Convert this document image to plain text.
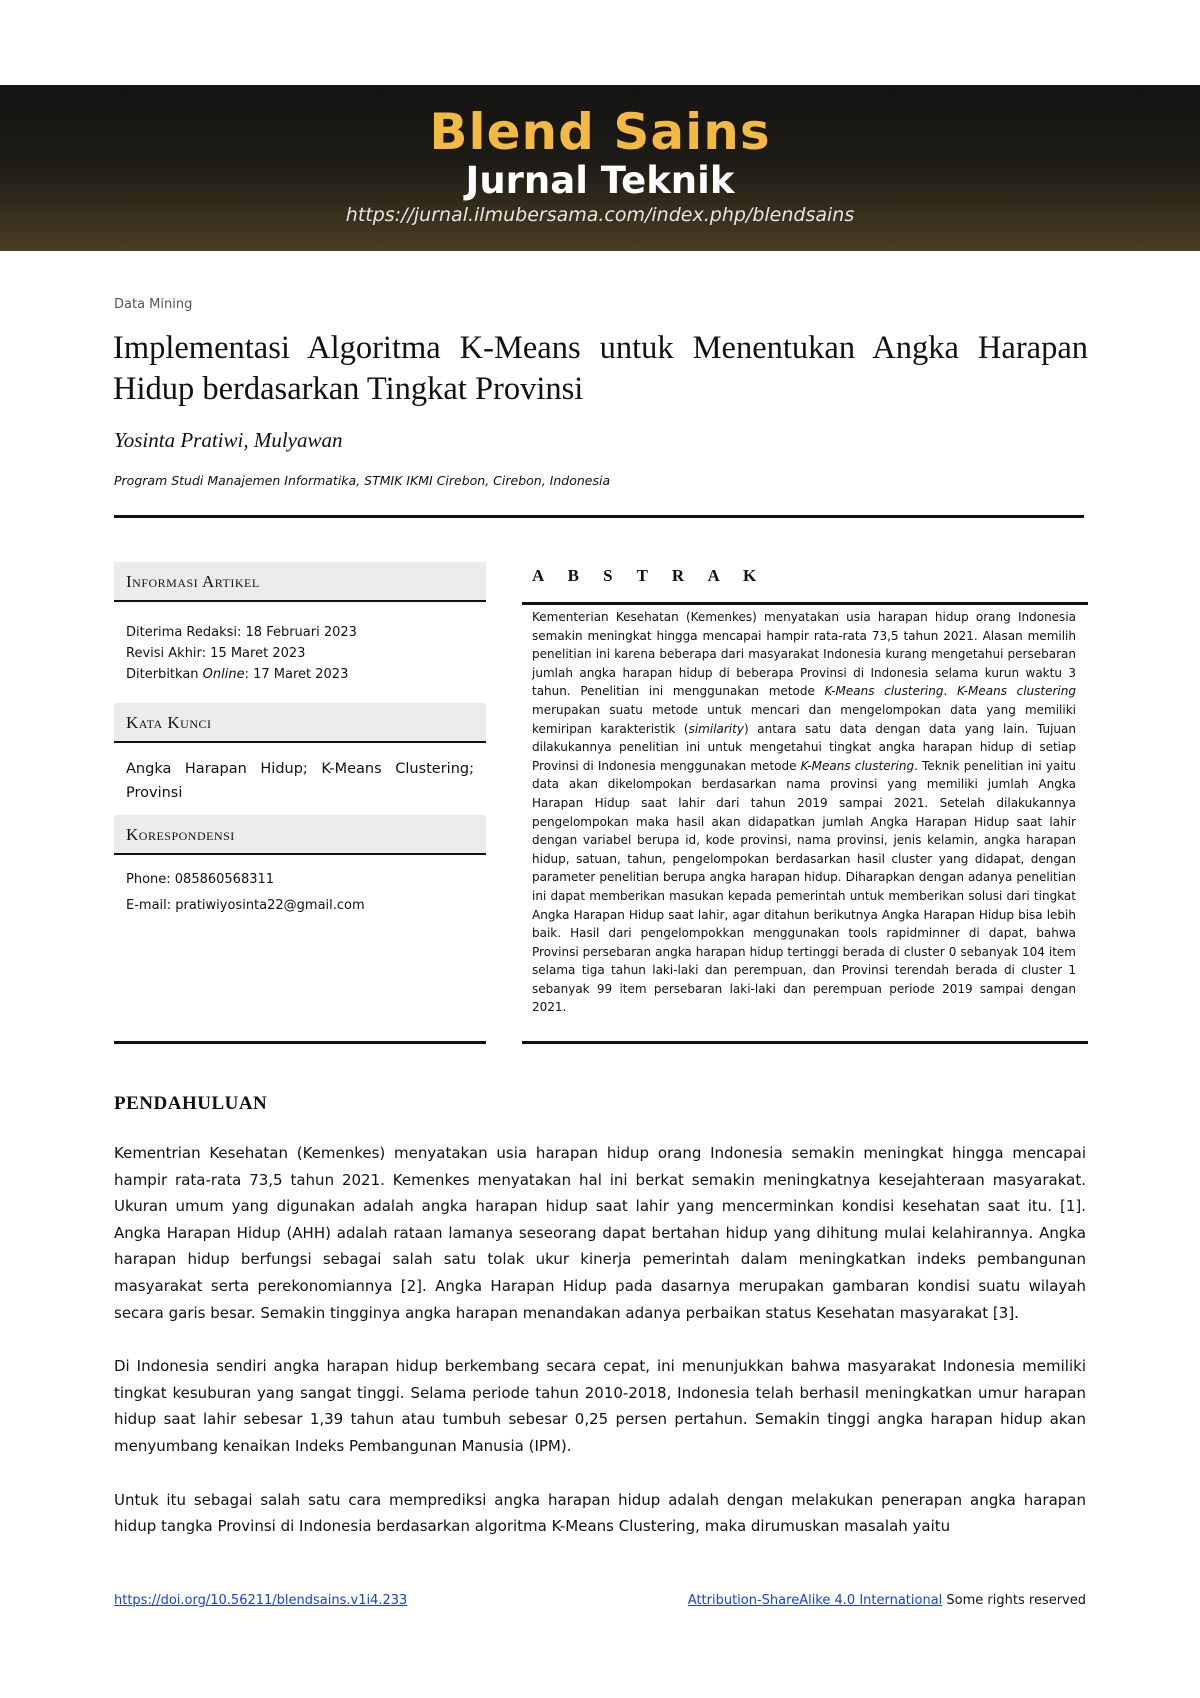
Blend Sains
Jurnal Teknik
https://jurnal.ilmubersama.com/index.php/blendsains
Data Mining
Implementasi Algoritma K-Means untuk Menentukan Angka Harapan Hidup berdasarkan Tingkat Provinsi
Yosinta Pratiwi, Mulyawan
Program Studi Manajemen Informatika, STMIK IKMI Cirebon, Cirebon, Indonesia
Informasi Artikel
Diterima Redaksi: 18 Februari 2023
Revisi Akhir: 15 Maret 2023
Diterbitkan Online: 17 Maret 2023
Kata Kunci
Angka Harapan Hidup; K-Means Clustering; Provinsi
Korespondensi
Phone: 085860568311
E-mail: pratiwiyosinta22@gmail.com
A B S T R A K
Kementerian Kesehatan (Kemenkes) menyatakan usia harapan hidup orang Indonesia semakin meningkat hingga mencapai hampir rata-rata 73,5 tahun 2021. Alasan memilih penelitian ini karena beberapa dari masyarakat Indonesia kurang mengetahui persebaran jumlah angka harapan hidup di beberapa Provinsi di Indonesia selama kurun waktu 3 tahun. Penelitian ini menggunakan metode K-Means clustering. K-Means clustering merupakan suatu metode untuk mencari dan mengelompokan data yang memiliki kemiripan karakteristik (similarity) antara satu data dengan data yang lain. Tujuan dilakukannya penelitian ini untuk mengetahui tingkat angka harapan hidup di setiap Provinsi di Indonesia menggunakan metode K-Means clustering. Teknik penelitian ini yaitu data akan dikelompokan berdasarkan nama provinsi yang memiliki jumlah Angka Harapan Hidup saat lahir dari tahun 2019 sampai 2021. Setelah dilakukannya pengelompokan maka hasil akan didapatkan jumlah Angka Harapan Hidup saat lahir dengan variabel berupa id, kode provinsi, nama provinsi, jenis kelamin, angka harapan hidup, satuan, tahun, pengelompokan berdasarkan hasil cluster yang didapat, dengan parameter penelitian berupa angka harapan hidup. Diharapkan dengan adanya penelitian ini dapat memberikan masukan kepada pemerintah untuk memberikan solusi dari tingkat Angka Harapan Hidup saat lahir, agar ditahun berikutnya Angka Harapan Hidup bisa lebih baik. Hasil dari pengelompokkan menggunakan tools rapidminner di dapat, bahwa Provinsi persebaran angka harapan hidup tertinggi berada di cluster 0 sebanyak 104 item selama tiga tahun laki-laki dan perempuan, dan Provinsi terendah berada di cluster 1 sebanyak 99 item persebaran laki-laki dan perempuan periode 2019 sampai dengan 2021.
PENDAHULUAN

Kementrian Kesehatan (Kemenkes) menyatakan usia harapan hidup orang Indonesia semakin meningkat hingga mencapai hampir rata-rata 73,5 tahun 2021. Kemenkes menyatakan hal ini berkat semakin meningkatnya kesejahteraan masyarakat. Ukuran umum yang digunakan adalah angka harapan hidup saat lahir yang mencerminkan kondisi kesehatan saat itu. [1]. Angka Harapan Hidup (AHH) adalah rataan lamanya seseorang dapat bertahan hidup yang dihitung mulai kelahirannya. Angka harapan hidup berfungsi sebagai salah satu tolak ukur kinerja pemerintah dalam meningkatkan indeks pembangunan masyarakat serta perekonomiannya [2]. Angka Harapan Hidup pada dasarnya merupakan gambaran kondisi suatu wilayah secara garis besar. Semakin tingginya angka harapan menandakan adanya perbaikan status Kesehatan masyarakat [3].

Di Indonesia sendiri angka harapan hidup berkembang secara cepat, ini menunjukkan bahwa masyarakat Indonesia memiliki tingkat kesuburan yang sangat tinggi. Selama periode tahun 2010-2018, Indonesia telah berhasil meningkatkan umur harapan hidup saat lahir sebesar 1,39 tahun atau tumbuh sebesar 0,25 persen pertahun. Semakin tinggi angka harapan hidup akan menyumbang kenaikan Indeks Pembangunan Manusia (IPM).

Untuk itu sebagai salah satu cara memprediksi angka harapan hidup adalah dengan melakukan penerapan angka harapan hidup tangka Provinsi di Indonesia berdasarkan algoritma K-Means Clustering, maka dirumuskan masalah yaitu

https://doi.org/10.56211/blendsains.v1i4.233	Attribution-ShareAlike 4.0 International Some rights reserved
